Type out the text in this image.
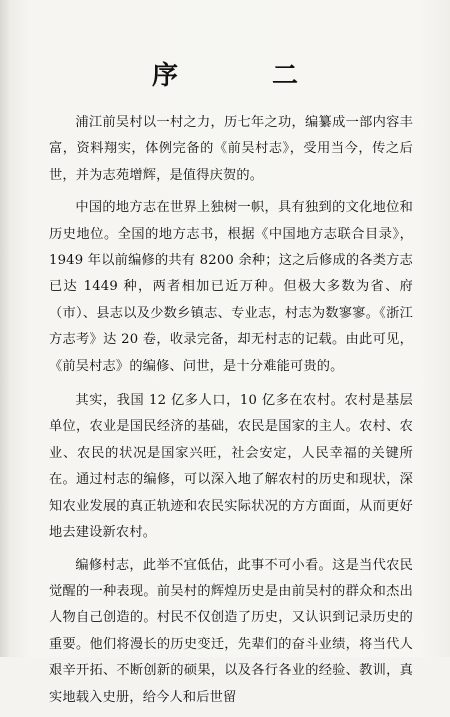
序　二

浦江前吴村以一村之力，历七年之功，编纂成一部内容丰富，资料翔实，体例完备的《前吴村志》，受用当今，传之后世，并为志苑增辉，是值得庆贺的。

中国的地方志在世界上独树一帜，具有独到的文化地位和历史地位。全国的地方志书，根据《中国地方志联合目录》，1949 年以前编修的共有 8200 余种；这之后修成的各类方志已达 1449 种，两者相加已近万种。但极大多数为省、府（市）、县志以及少数乡镇志、专业志，村志为数寥寥。《浙江方志考》达 20 卷，收录完备，却无村志的记载。由此可见，《前吴村志》的编修、问世，是十分难能可贵的。

其实，我国 12 亿多人口，10 亿多在农村。农村是基层单位，农业是国民经济的基础，农民是国家的主人。农村、农业、农民的状况是国家兴旺，社会安定，人民幸福的关键所在。通过村志的编修，可以深入地了解农村的历史和现状，深知农业发展的真正轨迹和农民实际状况的方方面面，从而更好地去建设新农村。

编修村志，此举不宜低估，此事不可小看。这是当代农民觉醒的一种表现。前吴村的辉煌历史是由前吴村的群众和杰出人物自己创造的。村民不仅创造了历史，又认识到记录历史的重要。他们将漫长的历史变迁，先辈们的奋斗业绩，将当代人艰辛开拓、不断创新的硕果，以及各行各业的经验、教训，真实地载入史册，给今人和后世留
